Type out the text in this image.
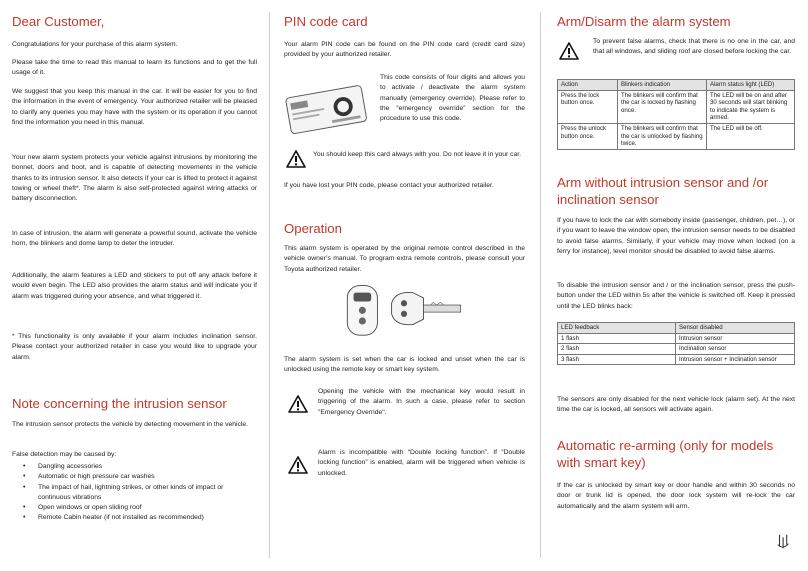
Dear Customer,

Congratulations for your purchase of this alarm system.

Please take the time to read this manual to learn its functions and to get the full usage of it.

We suggest that you keep this manual in the car. It will be easier for you to find the information in the event of emergency. Your authorized retailer will be pleased to clarify any queries you may have with the system or its operation if you cannot find the information you need in this manual.

Your new alarm system protects your vehicle against intrusions by monitoring the bonnet, doors and boot, and is capable of detecting movements in the vehicle thanks to its intrusion sensor. It also detects if your car is lifted to protect it against towing or wheel theft*. The alarm is also self-protected against wiring attacks or battery disconnection.

In case of intrusion, the alarm will generate a powerful sound, activate the vehicle horn, the blinkers and dome lamp to deter the intruder.

Additionally, the alarm features a LED and stickers to put off any attack before it would even begin. The LED also provides the alarm status and will indicate you if alarm was triggered during your absence, and what triggered it.

* This functionality is only available if your alarm includes inclination sensor. Please contact your authorized retailer in case you would like to upgrade your alarm.

Note concerning the intrusion sensor

The intrusion sensor protects the vehicle by detecting movement in the vehicle.

False detection may be caused by:

• Dangling accessories
• Automatic or high pressure car washes
• The impact of hail, lightning strikes, or other kinds of impact or continuous vibrations
• Open windows or open sliding roof
• Remote Cabin heater (if not installed as recommended)
PIN code card

Your alarm PIN code can be found on the PIN code card (credit card size) provided by your authorized retailer.

This code consists of four digits and allows you to activate / deactivate the alarm system manually (emergency override). Please refer to the “emergency override” section for the procedure to use this code.

You should keep this card always with you. Do not leave it in your car.

If you have lost your PIN code, please contact your authorized retailer.

Operation

This alarm system is operated by the original remote control described in the vehicle owner’s manual. To program extra remote controls, please consult your Toyota authorized retailer.

The alarm system is set when the car is locked and unset when the car is unlocked using the remote key or smart key system.

Opening the vehicle with the mechanical key would result in triggering of the alarm. In such a case, please refer to section "Emergency Override".

Alarm is incompatible with “Double locking function”. If “Double locking function” is enabled, alarm will be triggered when vehicle is unlocked.

Arm/Disarm the alarm system

To prevent false alarms, check that there is no one in the car, and that all windows, and sliding roof are closed before locking the car.

Action	Blinkers indication	Alarm status light (LED)
Press the lock button once.	The blinkers will confirm that the car is locked by flashing once.	The LED will be on and after 30 seconds will start blinking to indicate the system is armed.
Press the unlock button once.	The blinkers will confirm that the car is unlocked by flashing twice.	The LED will be off.
Arm without intrusion sensor and /or inclination sensor

If you have to lock the car with somebody inside (passenger, children, pet…), or if you want to leave the window open, the intrusion sensor needs to be disabled to avoid false alarms. Similarly, if your vehicle may move when locked (on a ferry for instance), level monitor should be disabled to avoid false alarms.

To disable the intrusion sensor and / or the inclination sensor, press the push-button under the LED within 5s after the vehicle is switched off. Keep it pressed until the LED blinks back:

LED feedback	Sensor disabled
1 flash	Intrusion sensor
2 flash	Inclination sensor
3 flash	Intrusion sensor + Inclination sensor

The sensors are only disabled for the next vehicle lock (alarm set). At the next time the car is locked, all sensors will activate again.

Automatic re-arming (only for models with smart key)

If the car is unlocked by smart key or door handle and within 30 seconds no door or trunk lid is opened, the door lock system will re-lock the car automatically and the alarm system will arm.
